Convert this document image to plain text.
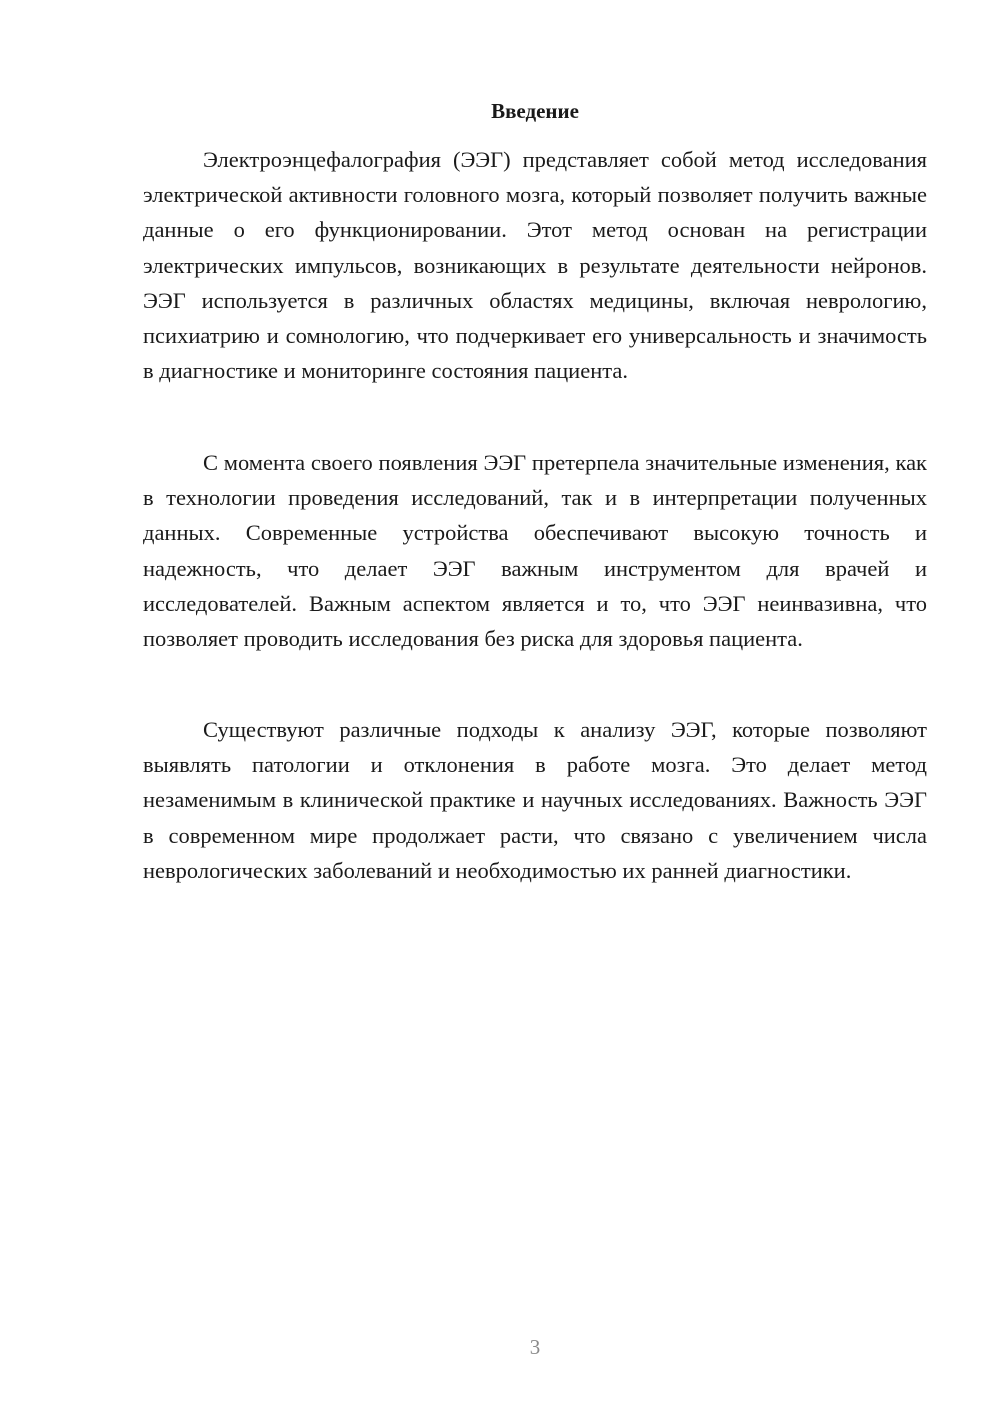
Введение

Электроэнцефалография (ЭЭГ) представляет собой метод исследования электрической активности головного мозга, который позволяет получить важные данные о его функционировании. Этот метод основан на регистрации электрических импульсов, возникающих в результате деятельности нейронов. ЭЭГ используется в различных областях медицины, включая неврологию, психиатрию и сомнологию, что подчеркивает его универсальность и значимость в диагностике и мониторинге состояния пациента.

С момента своего появления ЭЭГ претерпела значительные изменения, как в технологии проведения исследований, так и в интерпретации полученных данных. Современные устройства обеспечивают высокую точность и надежность, что делает ЭЭГ важным инструментом для врачей и исследователей. Важным аспектом является и то, что ЭЭГ неинвазивна, что позволяет проводить исследования без риска для здоровья пациента.

Существуют различные подходы к анализу ЭЭГ, которые позволяют выявлять патологии и отклонения в работе мозга. Это делает метод незаменимым в клинической практике и научных исследованиях. Важность ЭЭГ в современном мире продолжает расти, что связано с увеличением числа неврологических заболеваний и необходимостью их ранней диагностики.

3
